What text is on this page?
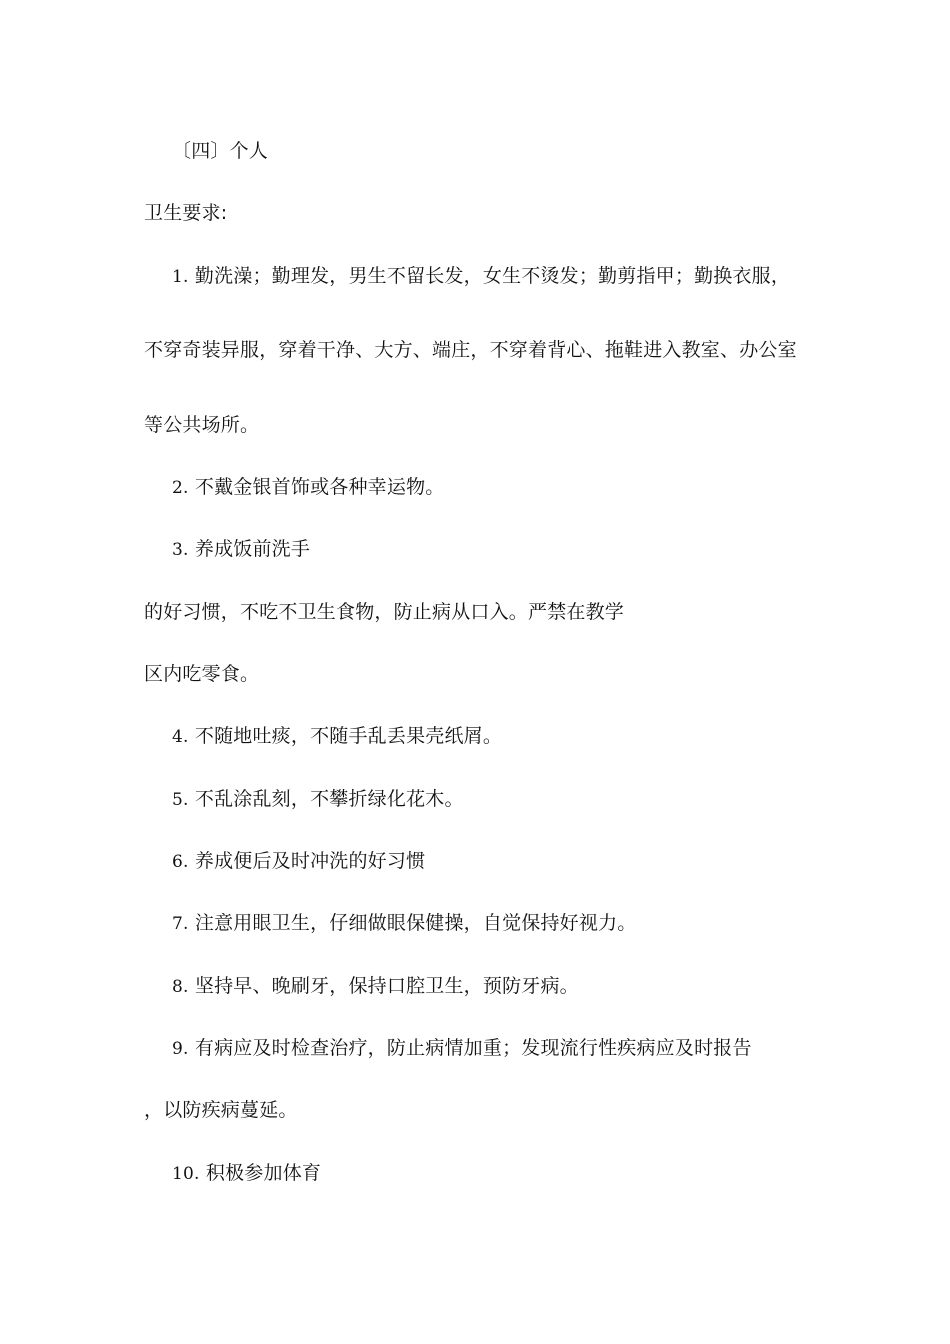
〔四〕个人
卫生要求:
1. 勤洗澡；勤理发，男生不留长发，女生不烫发；勤剪指甲；勤换衣服，
不穿奇装异服，穿着干净、大方、端庄，不穿着背心、拖鞋进入教室、办公室
等公共场所。
2. 不戴金银首饰或各种幸运物。
3. 养成饭前洗手
的好习惯，不吃不卫生食物，防止病从口入。严禁在教学
区内吃零食。
4. 不随地吐痰，不随手乱丢果壳纸屑。
5. 不乱涂乱刻，不攀折绿化花木。
6. 养成便后及时冲洗的好习惯
7. 注意用眼卫生，仔细做眼保健操，自觉保持好视力。
8. 坚持早、晚刷牙，保持口腔卫生，预防牙病。
9. 有病应及时检查治疗，防止病情加重；发现流行性疾病应及时报告
，以防疾病蔓延。
10. 积极参加体育
